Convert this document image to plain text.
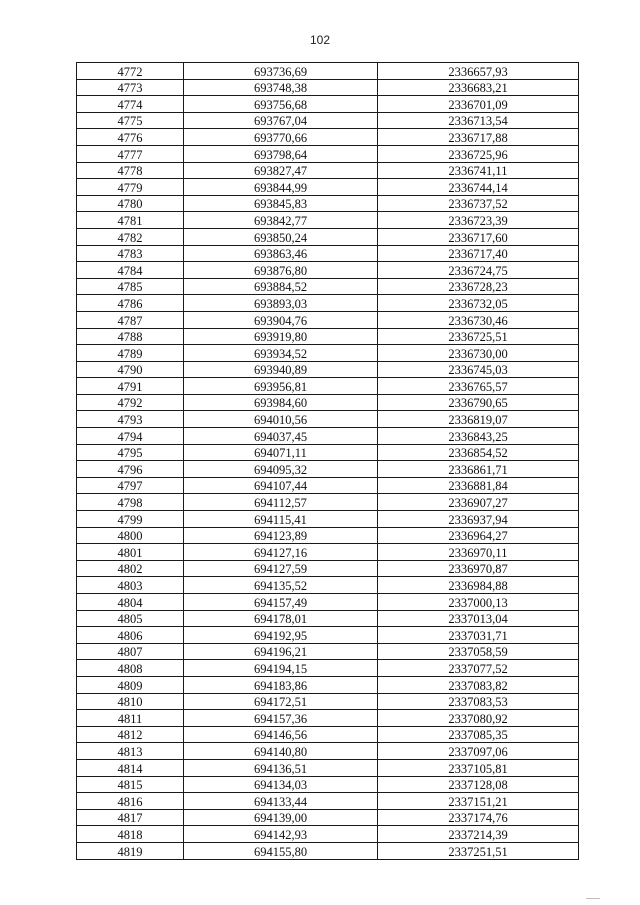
102
4772	693736,69	2336657,93
4773	693748,38	2336683,21
4774	693756,68	2336701,09
4775	693767,04	2336713,54
4776	693770,66	2336717,88
4777	693798,64	2336725,96
4778	693827,47	2336741,11
4779	693844,99	2336744,14
4780	693845,83	2336737,52
4781	693842,77	2336723,39
4782	693850,24	2336717,60
4783	693863,46	2336717,40
4784	693876,80	2336724,75
4785	693884,52	2336728,23
4786	693893,03	2336732,05
4787	693904,76	2336730,46
4788	693919,80	2336725,51
4789	693934,52	2336730,00
4790	693940,89	2336745,03
4791	693956,81	2336765,57
4792	693984,60	2336790,65
4793	694010,56	2336819,07
4794	694037,45	2336843,25
4795	694071,11	2336854,52
4796	694095,32	2336861,71
4797	694107,44	2336881,84
4798	694112,57	2336907,27
4799	694115,41	2336937,94
4800	694123,89	2336964,27
4801	694127,16	2336970,11
4802	694127,59	2336970,87
4803	694135,52	2336984,88
4804	694157,49	2337000,13
4805	694178,01	2337013,04
4806	694192,95	2337031,71
4807	694196,21	2337058,59
4808	694194,15	2337077,52
4809	694183,86	2337083,82
4810	694172,51	2337083,53
4811	694157,36	2337080,92
4812	694146,56	2337085,35
4813	694140,80	2337097,06
4814	694136,51	2337105,81
4815	694134,03	2337128,08
4816	694133,44	2337151,21
4817	694139,00	2337174,76
4818	694142,93	2337214,39
4819	694155,80	2337251,51
